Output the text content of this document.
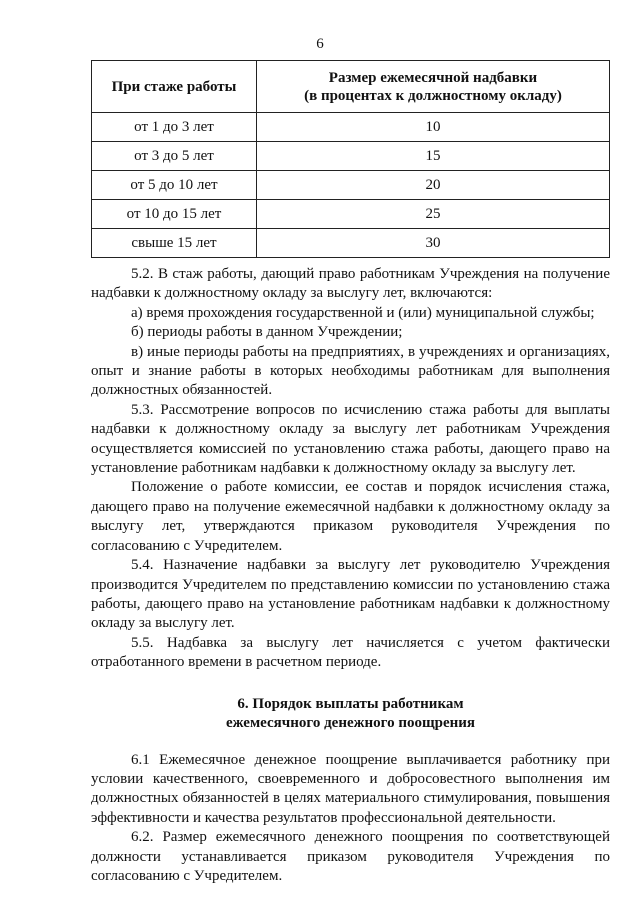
6
При стаже работы	Размер ежемесячной надбавки
(в процентах к должностному окладу)

от 1 до 3 лет	10
от 3 до 5 лет	15
от 5 до 10 лет	20
от 10 до 15 лет	25
свыше 15 лет	30

5.2. В стаж работы, дающий право работникам Учреждения на получение надбавки к должностному окладу за выслугу лет, включаются:

а) время прохождения государственной и (или) муниципальной службы;

б) периоды работы в данном Учреждении;

в) иные периоды работы на предприятиях, в учреждениях и организациях, опыт и знание работы в которых необходимы работникам для выполнения должностных обязанностей.

5.3. Рассмотрение вопросов по исчислению стажа работы для выплаты надбавки к должностному окладу за выслугу лет работникам Учреждения осуществляется комиссией по установлению стажа работы, дающего право на установление работникам надбавки к должностному окладу за выслугу лет.

Положение о работе комиссии, ее состав и порядок исчисления стажа, дающего право на получение ежемесячной надбавки к должностному окладу за выслугу лет, утверждаются приказом руководителя Учреждения по согласованию с Учредителем.

5.4. Назначение надбавки за выслугу лет руководителю Учреждения производится Учредителем по представлению комиссии по установлению стажа работы, дающего право на установление работникам надбавки к должностному окладу за выслугу лет.

5.5. Надбавка за выслугу лет начисляется с учетом фактически отработанного времени в расчетном периоде.

6. Порядок выплаты работникам
ежемесячного денежного поощрения

6.1 Ежемесячное денежное поощрение выплачивается работнику при условии качественного, своевременного и добросовестного выполнения им должностных обязанностей в целях материального стимулирования, повышения эффективности и качества результатов профессиональной деятельности.

6.2. Размер ежемесячного денежного поощрения по соответствующей должности устанавливается приказом руководителя Учреждения по согласованию с Учредителем.
